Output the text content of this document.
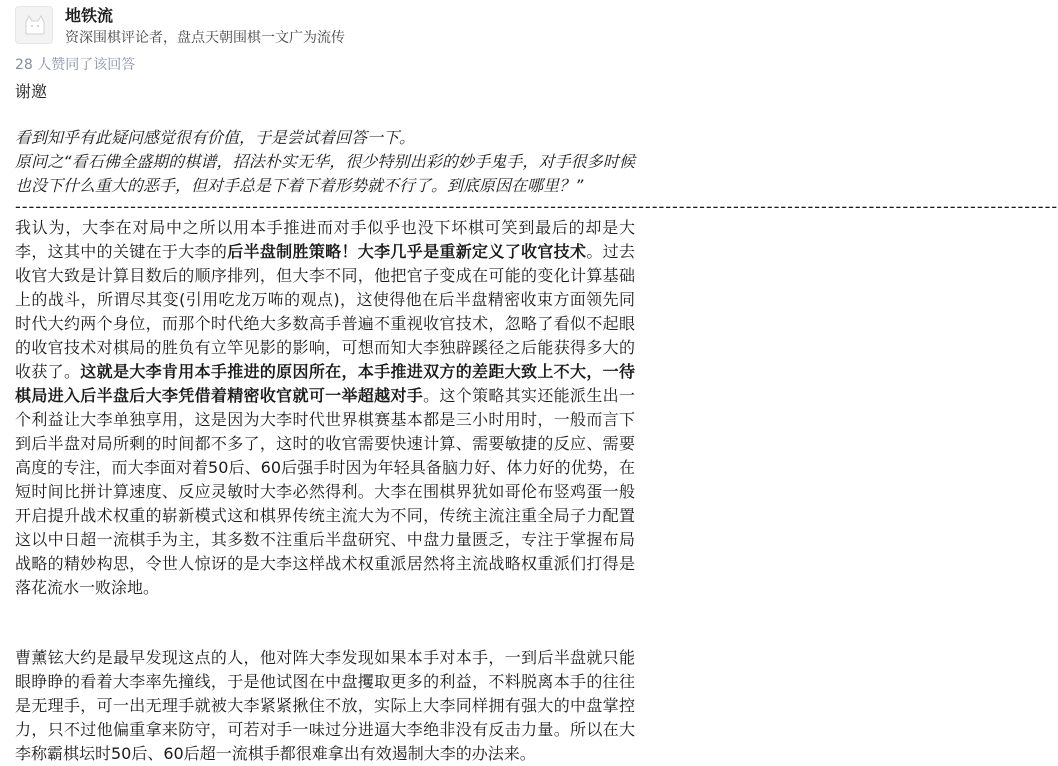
地铁流
资深围棋评论者，盘点天朝围棋一文广为流传
28 人赞同了该回答

谢邀

看到知乎有此疑问感觉很有价值，于是尝试着回答一下。

原问之“看石佛全盛期的棋谱，招法朴实无华，很少特别出彩的妙手鬼手，对手很多时候也没下什么重大的恶手，但对手总是下着下着形势就不行了。到底原因在哪里？”

----------------------------------------------------------------------------------------------------------------------------------------------------------

我认为，大李在对局中之所以用本手推进而对手似乎也没下坏棋可笑到最后的却是大李，这其中的关键在于大李的后半盘制胜策略！大李几乎是重新定义了收官技术。过去收官大致是计算目数后的顺序排列，但大李不同，他把官子变成在可能的变化计算基础上的战斗，所谓尽其变(引用吃龙万咘的观点)，这使得他在后半盘精密收束方面领先同时代大约两个身位，而那个时代绝大多数高手普遍不重视收官技术，忽略了看似不起眼的收官技术对棋局的胜负有立竿见影的影响，可想而知大李独辟蹊径之后能获得多大的收获了。这就是大李肯用本手推进的原因所在，本手推进双方的差距大致上不大，一待棋局进入后半盘后大李凭借着精密收官就可一举超越对手。这个策略其实还能派生出一个利益让大李单独享用，这是因为大李时代世界棋赛基本都是三小时用时，一般而言下到后半盘对局所剩的时间都不多了，这时的收官需要快速计算、需要敏捷的反应、需要高度的专注，而大李面对着50后、60后强手时因为年轻具备脑力好、体力好的优势，在短时间比拼计算速度、反应灵敏时大李必然得利。大李在围棋界犹如哥伦布竖鸡蛋一般开启提升战术权重的崭新模式这和棋界传统主流大为不同，传统主流注重全局子力配置这以中日超一流棋手为主，其多数不注重后半盘研究、中盘力量匮乏，专注于掌握布局战略的精妙构思，令世人惊讶的是大李这样战术权重派居然将主流战略权重派们打得是落花流水一败涂地。

曹薰铉大约是最早发现这点的人，他对阵大李发现如果本手对本手，一到后半盘就只能眼睁睁的看着大李率先撞线，于是他试图在中盘攫取更多的利益，不料脱离本手的往往是无理手，可一出无理手就被大李紧紧揪住不放，实际上大李同样拥有强大的中盘掌控力，只不过他偏重拿来防守，可若对手一味过分进逼大李绝非没有反击力量。所以在大李称霸棋坛时50后、60后超一流棋手都很难拿出有效遏制大李的办法来。
